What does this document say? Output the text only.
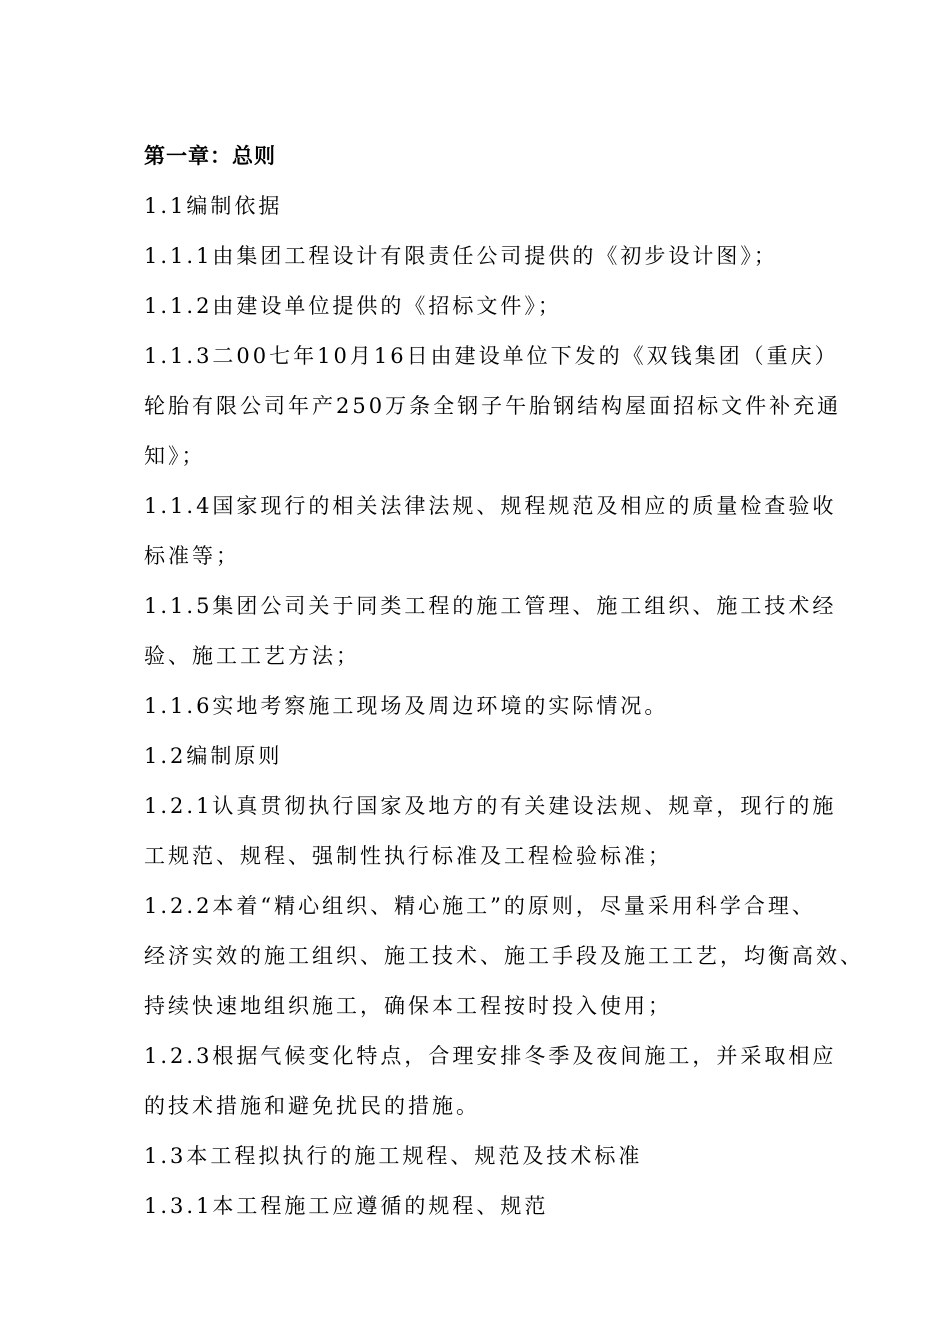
第一章：总则
1.1编制依据
1.1.1由集团工程设计有限责任公司提供的《初步设计图》；
1.1.2由建设单位提供的《招标文件》；
1.1.3二00七年10月16日由建设单位下发的《双钱集团（重庆）
轮胎有限公司年产250万条全钢子午胎钢结构屋面招标文件补充通
知》；
1.1.4国家现行的相关法律法规、规程规范及相应的质量检查验收
标准等；
1.1.5集团公司关于同类工程的施工管理、施工组织、施工技术经
验、施工工艺方法；
1.1.6实地考察施工现场及周边环境的实际情况。
1.2编制原则
1.2.1认真贯彻执行国家及地方的有关建设法规、规章，现行的施
工规范、规程、强制性执行标准及工程检验标准；
1.2.2本着“精心组织、精心施工”的原则，尽量采用科学合理、
经济实效的施工组织、施工技术、施工手段及施工工艺，均衡高效、
持续快速地组织施工，确保本工程按时投入使用；
1.2.3根据气候变化特点，合理安排冬季及夜间施工，并采取相应
的技术措施和避免扰民的措施。
1.3本工程拟执行的施工规程、规范及技术标准
1.3.1本工程施工应遵循的规程、规范
